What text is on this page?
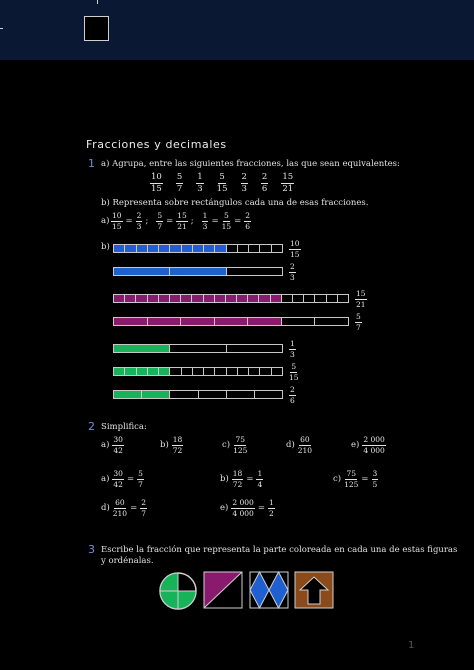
Fracciones y decimales
1 a) Agrupa, entre las siguientes fracciones, las que sean equivalentes:
$\frac{10}{15} \frac{5}{7} \frac{1}{3} \frac{5}{15} \frac{2}{3} \frac{2}{6} \frac{15}{21}$
b) Representa sobre rectángulos cada una de esas fracciones.
$a) \frac{10}{15} = \frac{2}{3}$ ; $\frac{5}{7} = \frac{15}{21}$ ; $\frac{1}{3} = \frac{5}{15} = \frac{2}{6}$
b)	$\frac{10}{15}$
$\frac{2}{3}$
$\frac{15}{21}$
$\frac{5}{7}$
$\frac{1}{3}$
$\frac{5}{15}$
$\frac{2}{6}$
2 Simplifica:
$a) \frac{30}{42}$	$b) \frac{18}{72}$	$c) \frac{75}{125}$	$d) \frac{60}{210}$	$e) \frac{2 000}{4 000}$
$a) \frac{30}{42} = \frac{5}{7}$	$b) \frac{18}{72} = \frac{1}{4}$	$c) \frac{75}{125} = \frac{3}{5}$
$d) \frac{60}{210} = \frac{2}{7}$	$e) \frac{2 000}{4 000} = \frac{1}{2}$
3 Escribe la fracción que representa la parte coloreada en cada una de estas figuras
y ordénalas.
1
